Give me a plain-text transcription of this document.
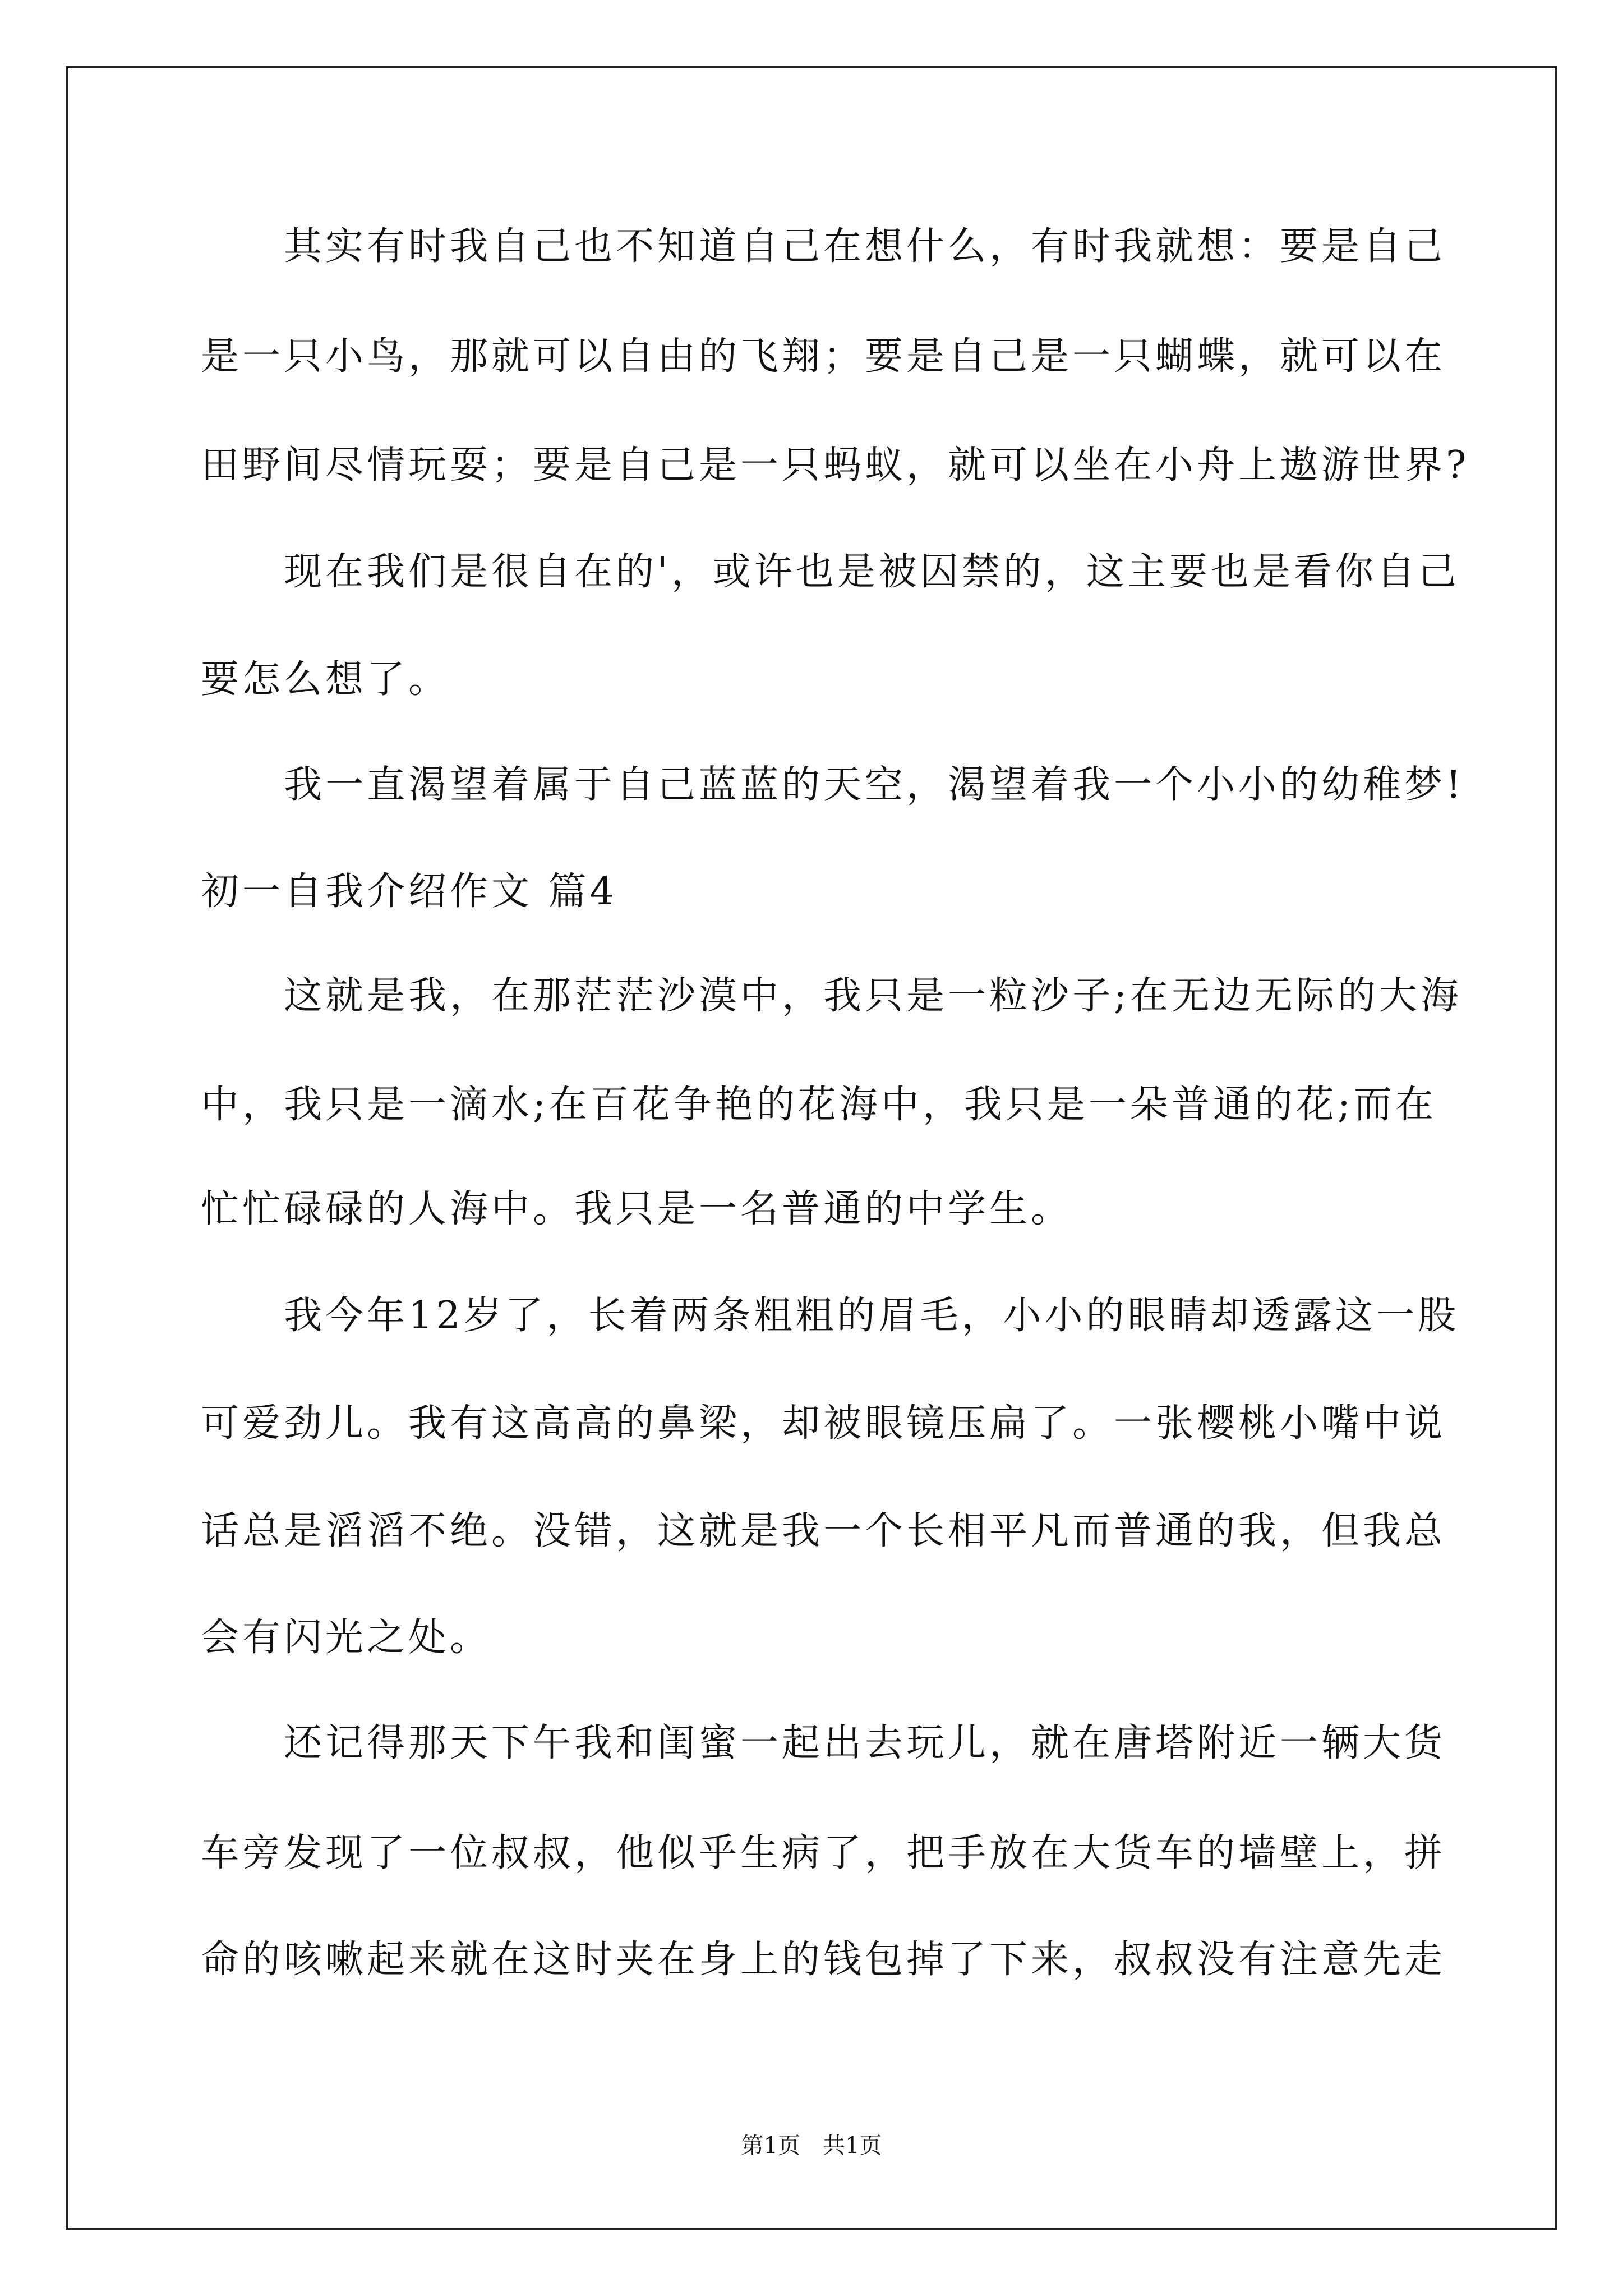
其实有时我自己也不知道自己在想什么，有时我就想：要是自己
是一只小鸟，那就可以自由的飞翔；要是自己是一只蝴蝶，就可以在
田野间尽情玩耍；要是自己是一只蚂蚁，就可以坐在小舟上遨游世界?
现在我们是很自在的'，或许也是被囚禁的，这主要也是看你自己
要怎么想了。
我一直渴望着属于自己蓝蓝的天空，渴望着我一个小小的幼稚梦!
初一自我介绍作文 篇4
这就是我，在那茫茫沙漠中，我只是一粒沙子;在无边无际的大海
中，我只是一滴水;在百花争艳的花海中，我只是一朵普通的花;而在
忙忙碌碌的人海中。我只是一名普通的中学生。
我今年12岁了，长着两条粗粗的眉毛，小小的眼睛却透露这一股
可爱劲儿。我有这高高的鼻梁，却被眼镜压扁了。一张樱桃小嘴中说
话总是滔滔不绝。没错，这就是我一个长相平凡而普通的我，但我总
会有闪光之处。
还记得那天下午我和闺蜜一起出去玩儿，就在唐塔附近一辆大货
车旁发现了一位叔叔，他似乎生病了，把手放在大货车的墙壁上，拼
命的咳嗽起来就在这时夹在身上的钱包掉了下来，叔叔没有注意先走
第1页 共1页
